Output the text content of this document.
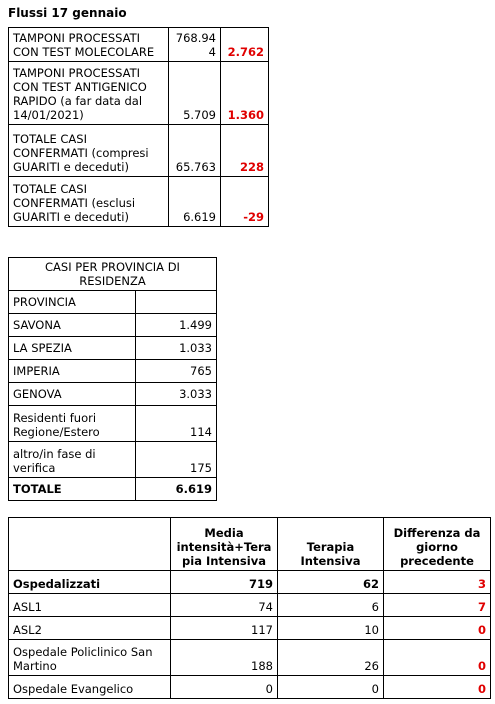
Flussi 17 gennaio
TAMPONI PROCESSATI CON TEST MOLECOLARE	768.944	2.762
TAMPONI PROCESSATI CON TEST ANTIGENICO RAPIDO (a far data dal 14/01/2021)	5.709	1.360
TOTALE CASI CONFERMATI (compresi GUARITI e deceduti)	65.763	228
TOTALE CASI CONFERMATI (esclusi GUARITI e deceduti)	6.619	-29
CASI PER PROVINCIA DI RESIDENZA	
PROVINCIA	
SAVONA	1.499
LA SPEZIA	1.033
IMPERIA	765
GENOVA	3.033
Residenti fuori Regione/Estero	114
altro/in fase di verifica	175
TOTALE	6.619
	Media intensità+Terapia Intensiva	Terapia Intensiva	Differenza da giorno precedente
Ospedalizzati	719	62	3
ASL1	74	6	7
ASL2	117	10	0
Ospedale Policlinico San Martino	188	26	0
Ospedale Evangelico	0	0	0
